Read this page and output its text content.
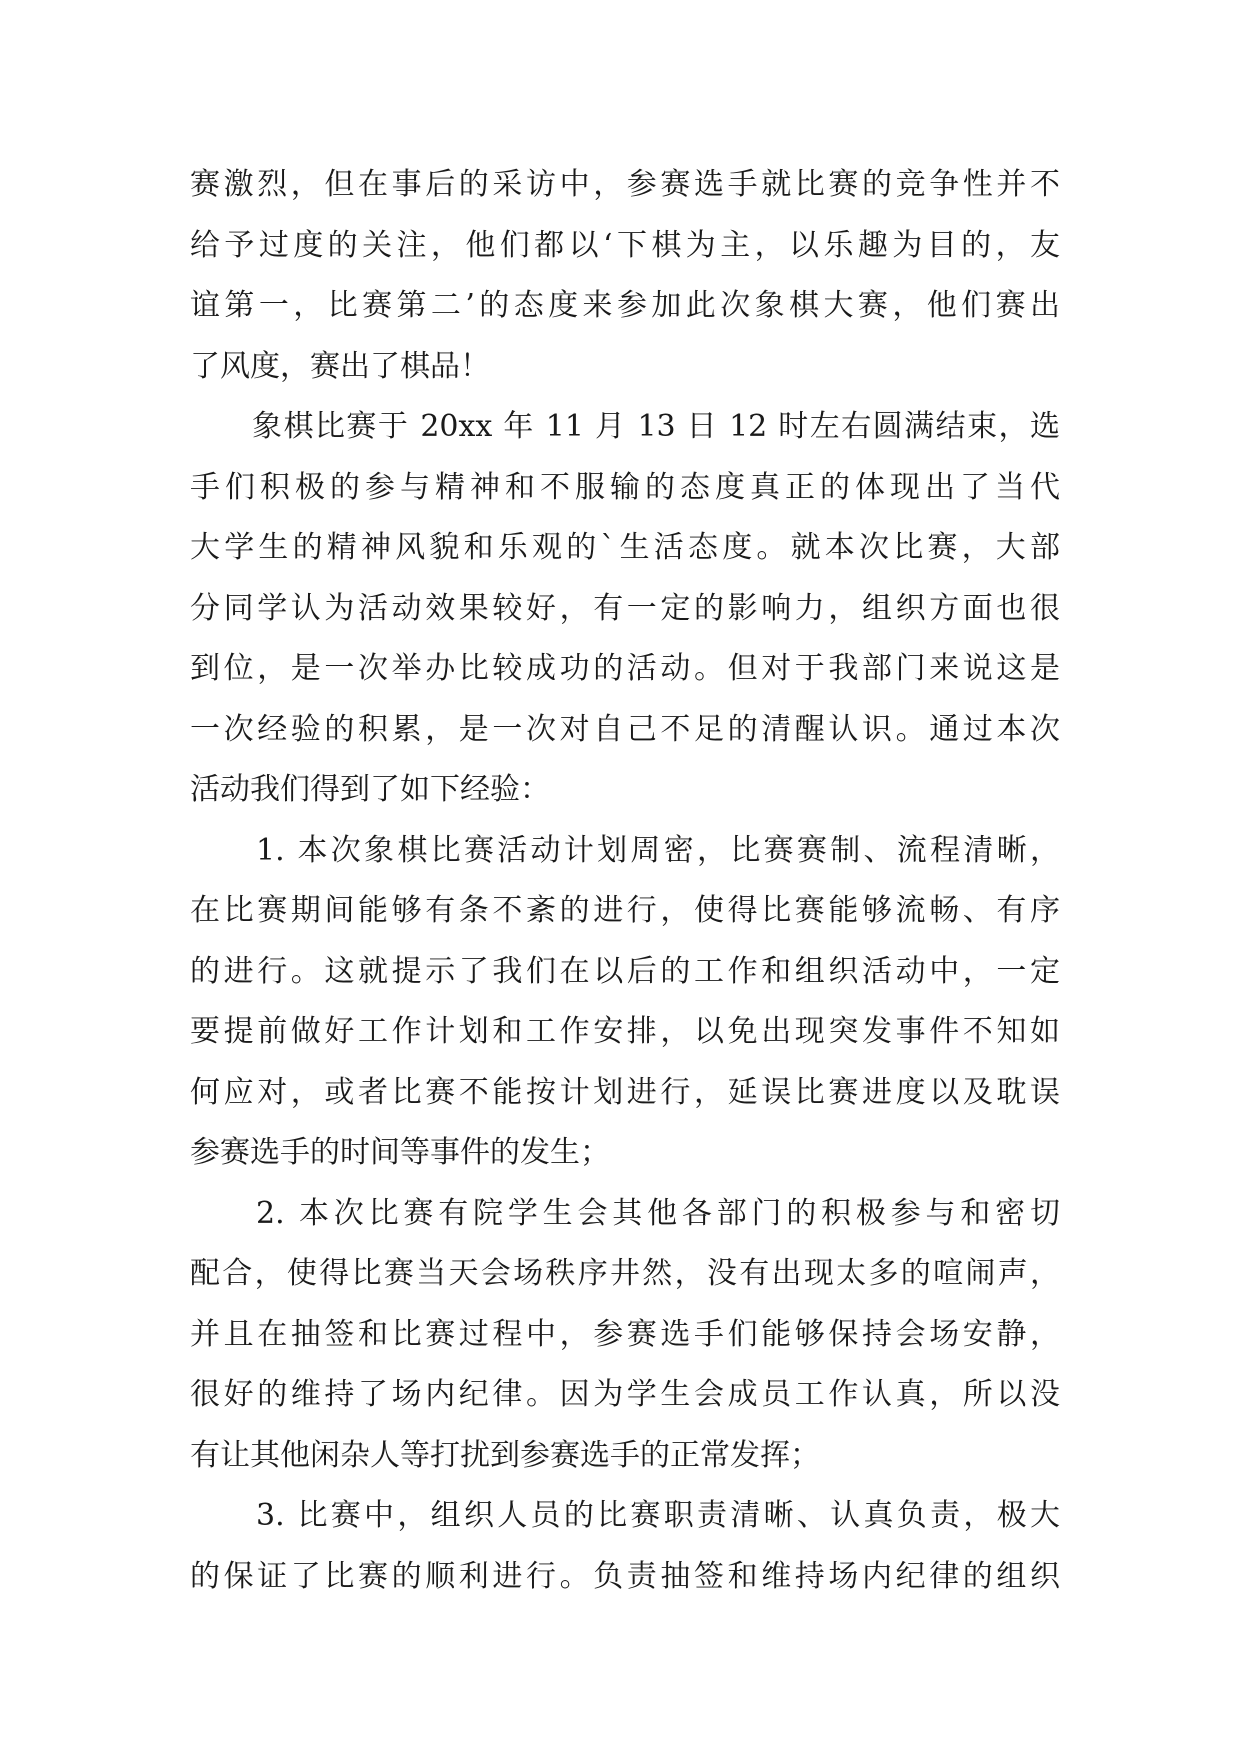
赛激烈，但在事后的采访中，参赛选手就比赛的竞争性并不
给予过度的关注，他们都以‘下棋为主，以乐趣为目的，友
谊第一，比赛第二’的态度来参加此次象棋大赛，他们赛出
了风度，赛出了棋品！
象棋比赛于 20xx 年 11 月 13 日 12 时左右圆满结束，选
手们积极的参与精神和不服输的态度真正的体现出了当代
大学生的精神风貌和乐观的`生活态度。就本次比赛，大部
分同学认为活动效果较好，有一定的影响力，组织方面也很
到位，是一次举办比较成功的活动。但对于我部门来说这是
一次经验的积累，是一次对自己不足的清醒认识。通过本次
活动我们得到了如下经验：
1. 本次象棋比赛活动计划周密，比赛赛制、流程清晰，
在比赛期间能够有条不紊的进行，使得比赛能够流畅、有序
的进行。这就提示了我们在以后的工作和组织活动中，一定
要提前做好工作计划和工作安排，以免出现突发事件不知如
何应对，或者比赛不能按计划进行，延误比赛进度以及耽误
参赛选手的时间等事件的发生；
2. 本次比赛有院学生会其他各部门的积极参与和密切
配合，使得比赛当天会场秩序井然，没有出现太多的喧闹声，
并且在抽签和比赛过程中，参赛选手们能够保持会场安静，
很好的维持了场内纪律。因为学生会成员工作认真，所以没
有让其他闲杂人等打扰到参赛选手的正常发挥；
3. 比赛中，组织人员的比赛职责清晰、认真负责，极大
的保证了比赛的顺利进行。负责抽签和维持场内纪律的组织
